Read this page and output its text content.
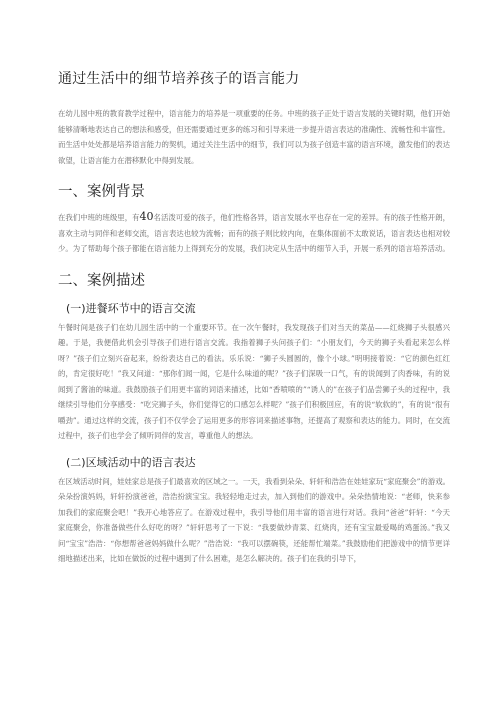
通过生活中的细节培养孩子的语言能力

在幼儿园中班的教育教学过程中，语言能力的培养是一项重要的任务。中班的孩子正处于语言发展的关键时期，他们开始能够清晰地表达自己的想法和感受，但还需要通过更多的练习和引导来进一步提升语言表达的准确性、流畅性和丰富性。而生活中处处都是培养语言能力的契机，通过关注生活中的细节，我们可以为孩子创造丰富的语言环境，激发他们的表达欲望，让语言能力在潜移默化中得到发展。

一、案例背景

在我们中班的班级里，有40名活泼可爱的孩子，他们性格各异，语言发展水平也存在一定的差异。有的孩子性格开朗，喜欢主动与同伴和老师交流，语言表达也较为流畅；而有的孩子则比较内向，在集体面前不太敢说话，语言表达也相对较少。为了帮助每个孩子都能在语言能力上得到充分的发展，我们决定从生活中的细节入手，开展一系列的语言培养活动。

二、案例描述
(一)进餐环节中的语言交流

午餐时间是孩子们在幼儿园生活中的一个重要环节。在一次午餐时，我发现孩子们对当天的菜品——红烧狮子头很感兴趣。于是，我便借此机会引导孩子们进行语言交流。我指着狮子头问孩子们：“小朋友们，今天的狮子头看起来怎么样呀？”孩子们立刻兴奋起来，纷纷表达自己的看法。乐乐说：“狮子头圆圆的，像个小球。”明明接着说：“它的颜色红红的，肯定很好吃！”我又问道：“那你们闻一闻，它是什么味道的呢？”孩子们深吸一口气，有的说闻到了肉香味，有的说闻到了酱油的味道。我鼓励孩子们用更丰富的词语来描述，比如“香喷喷的”“诱人的”在孩子们品尝狮子头的过程中，我继续引导他们分享感受：“吃完狮子头，你们觉得它的口感怎么样呢？”孩子们积极回应，有的说“软软的”，有的说“很有嚼劲”。通过这样的交流，孩子们不仅学会了运用更多的形容词来描述事物，还提高了观察和表达的能力。同时，在交流过程中，孩子们也学会了倾听同伴的发言，尊重他人的想法。

(二)区域活动中的语言表达

在区域活动时间，娃娃家总是孩子们最喜欢的区域之一。一天，我看到朵朵、轩轩和浩浩在娃娃家玩“家庭聚会”的游戏。朵朵扮演妈妈，轩轩扮演爸爸，浩浩扮演宝宝。我轻轻地走过去，加入到他们的游戏中。朵朵热情地说：“老师，快来参加我们的家庭聚会吧！”我开心地答应了。在游戏过程中，我引导他们用丰富的语言进行对话。我问“爸爸”轩轩：“今天家庭聚会，你准备做些什么好吃的呀？”轩轩思考了一下说：“我要做炒青菜、红烧肉，还有宝宝最爱喝的鸡蛋汤。”我又问“宝宝”浩浩：“你想帮爸爸妈妈做什么呢？”浩浩说：“我可以摆碗筷，还能帮忙端菜。”我鼓励他们把游戏中的情节更详细地描述出来，比如在做饭的过程中遇到了什么困难，是怎么解决的。孩子们在我的引导下，
